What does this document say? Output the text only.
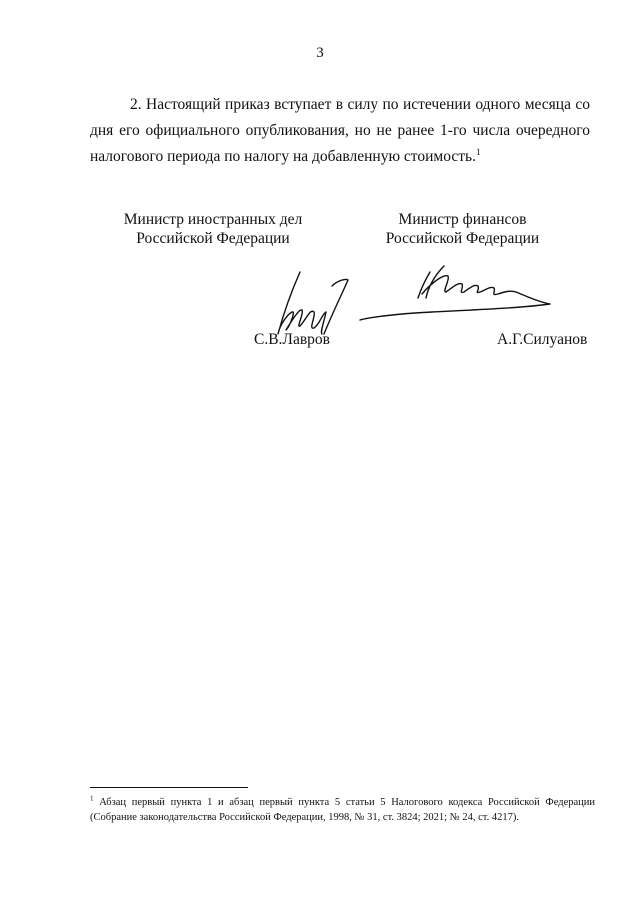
3

2. Настоящий приказ вступает в силу по истечении одного месяца со дня его официального опубликования, но не ранее 1-го числа очередного налогового периода по налогу на добавленную стоимость.$^1$

Министр иностранных дел
Российской Федерации
Министр финансов
Российской Федерации
С.В.Лавров	А.Г.Силуанов

$^1$ Абзац первый пункта 1 и абзац первый пункта 5 статьи 5 Налогового кодекса Российской Федерации (Собрание законодательства Российской Федерации, 1998, № 31, ст. 3824; 2021; № 24, ст. 4217).
